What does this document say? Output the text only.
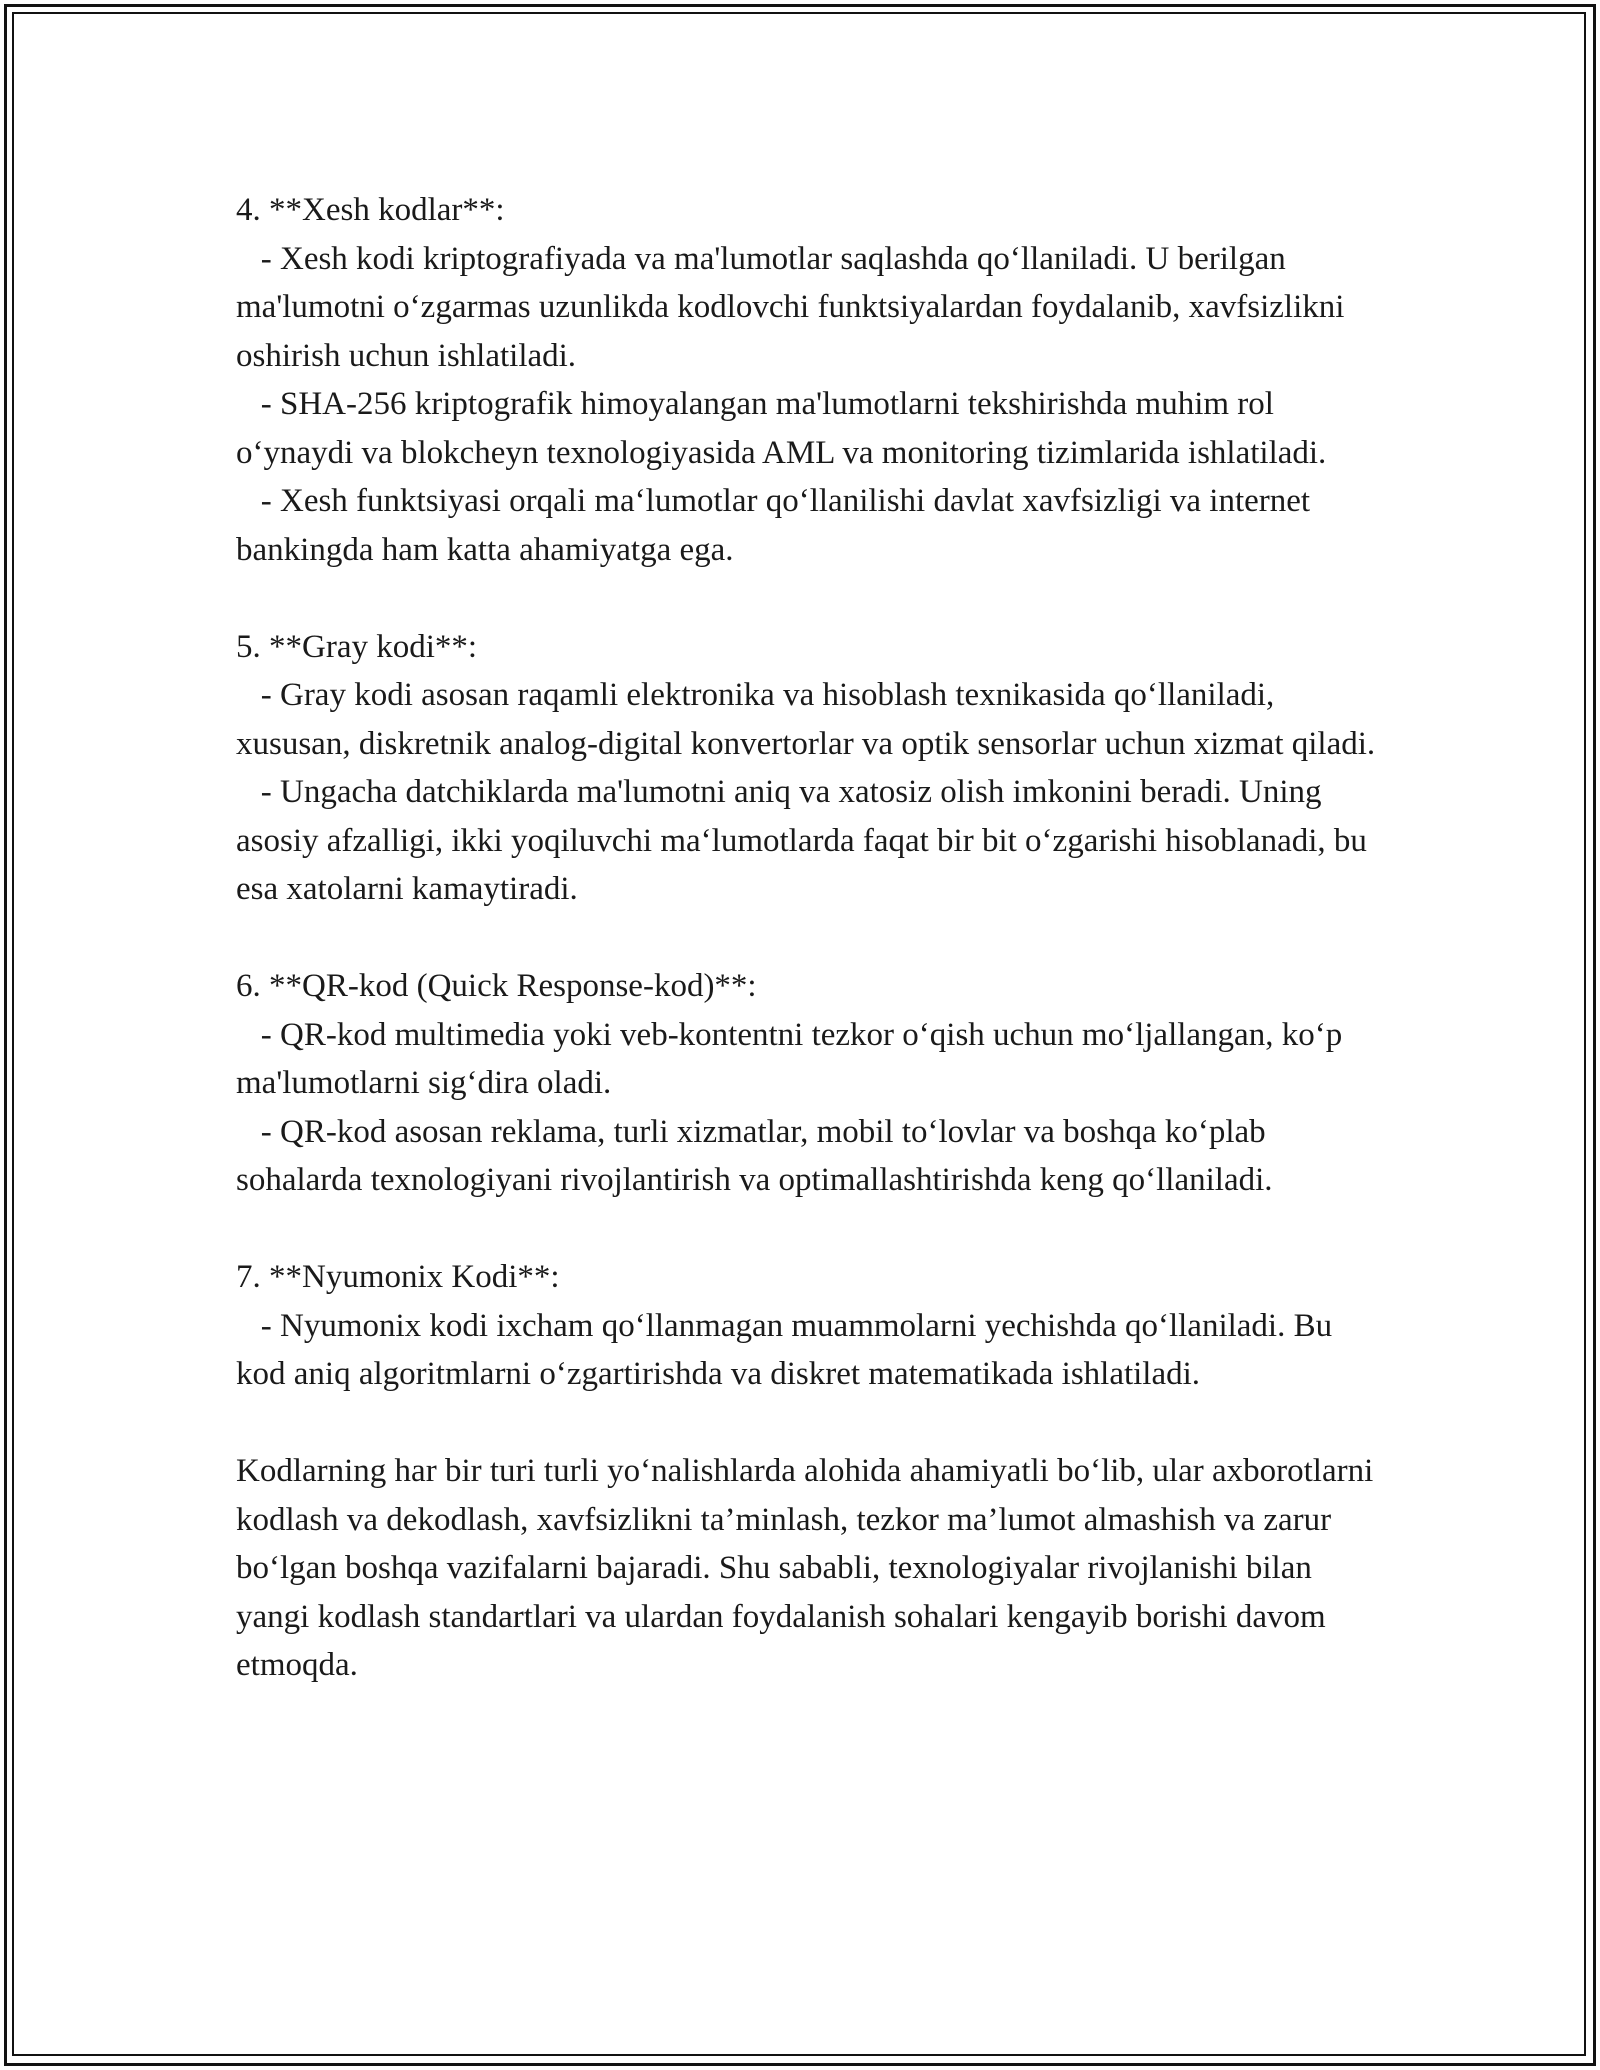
4. **Xesh kodlar**:

- Xesh kodi kriptografiyada va ma'lumotlar saqlashda qo‘llaniladi. U berilgan ma'lumotni o‘zgarmas uzunlikda kodlovchi funktsiyalardan foydalanib, xavfsizlikni oshirish uchun ishlatiladi.

- SHA-256 kriptografik himoyalangan ma'lumotlarni tekshirishda muhim rol o‘ynaydi va blokcheyn texnologiyasida AML va monitoring tizimlarida ishlatiladi.

- Xesh funktsiyasi orqali ma‘lumotlar qo‘llanilishi davlat xavfsizligi va internet bankingda ham katta ahamiyatga ega.

5. **Gray kodi**:

- Gray kodi asosan raqamli elektronika va hisoblash texnikasida qo‘llaniladi, xususan, diskretnik analog-digital konvertorlar va optik sensorlar uchun xizmat qiladi.

- Ungacha datchiklarda ma'lumotni aniq va xatosiz olish imkonini beradi. Uning asosiy afzalligi, ikki yoqiluvchi ma‘lumotlarda faqat bir bit o‘zgarishi hisoblanadi, bu esa xatolarni kamaytiradi.

6. **QR-kod (Quick Response-kod)**:

- QR-kod multimedia yoki veb-kontentni tezkor o‘qish uchun mo‘ljallangan, ko‘p ma'lumotlarni sig‘dira oladi.

- QR-kod asosan reklama, turli xizmatlar, mobil to‘lovlar va boshqa ko‘plab sohalarda texnologiyani rivojlantirish va optimallashtirishda keng qo‘llaniladi.

7. **Nyumonix Kodi**:

- Nyumonix kodi ixcham qo‘llanmagan muammolarni yechishda qo‘llaniladi. Bu kod aniq algoritmlarni o‘zgartirishda va diskret matematikada ishlatiladi.

Kodlarning har bir turi turli yo‘nalishlarda alohida ahamiyatli bo‘lib, ular axborotlarni kodlash va dekodlash, xavfsizlikni ta’minlash, tezkor ma’lumot almashish va zarur bo‘lgan boshqa vazifalarni bajaradi. Shu sababli, texnologiyalar rivojlanishi bilan yangi kodlash standartlari va ulardan foydalanish sohalari kengayib borishi davom etmoqda.
